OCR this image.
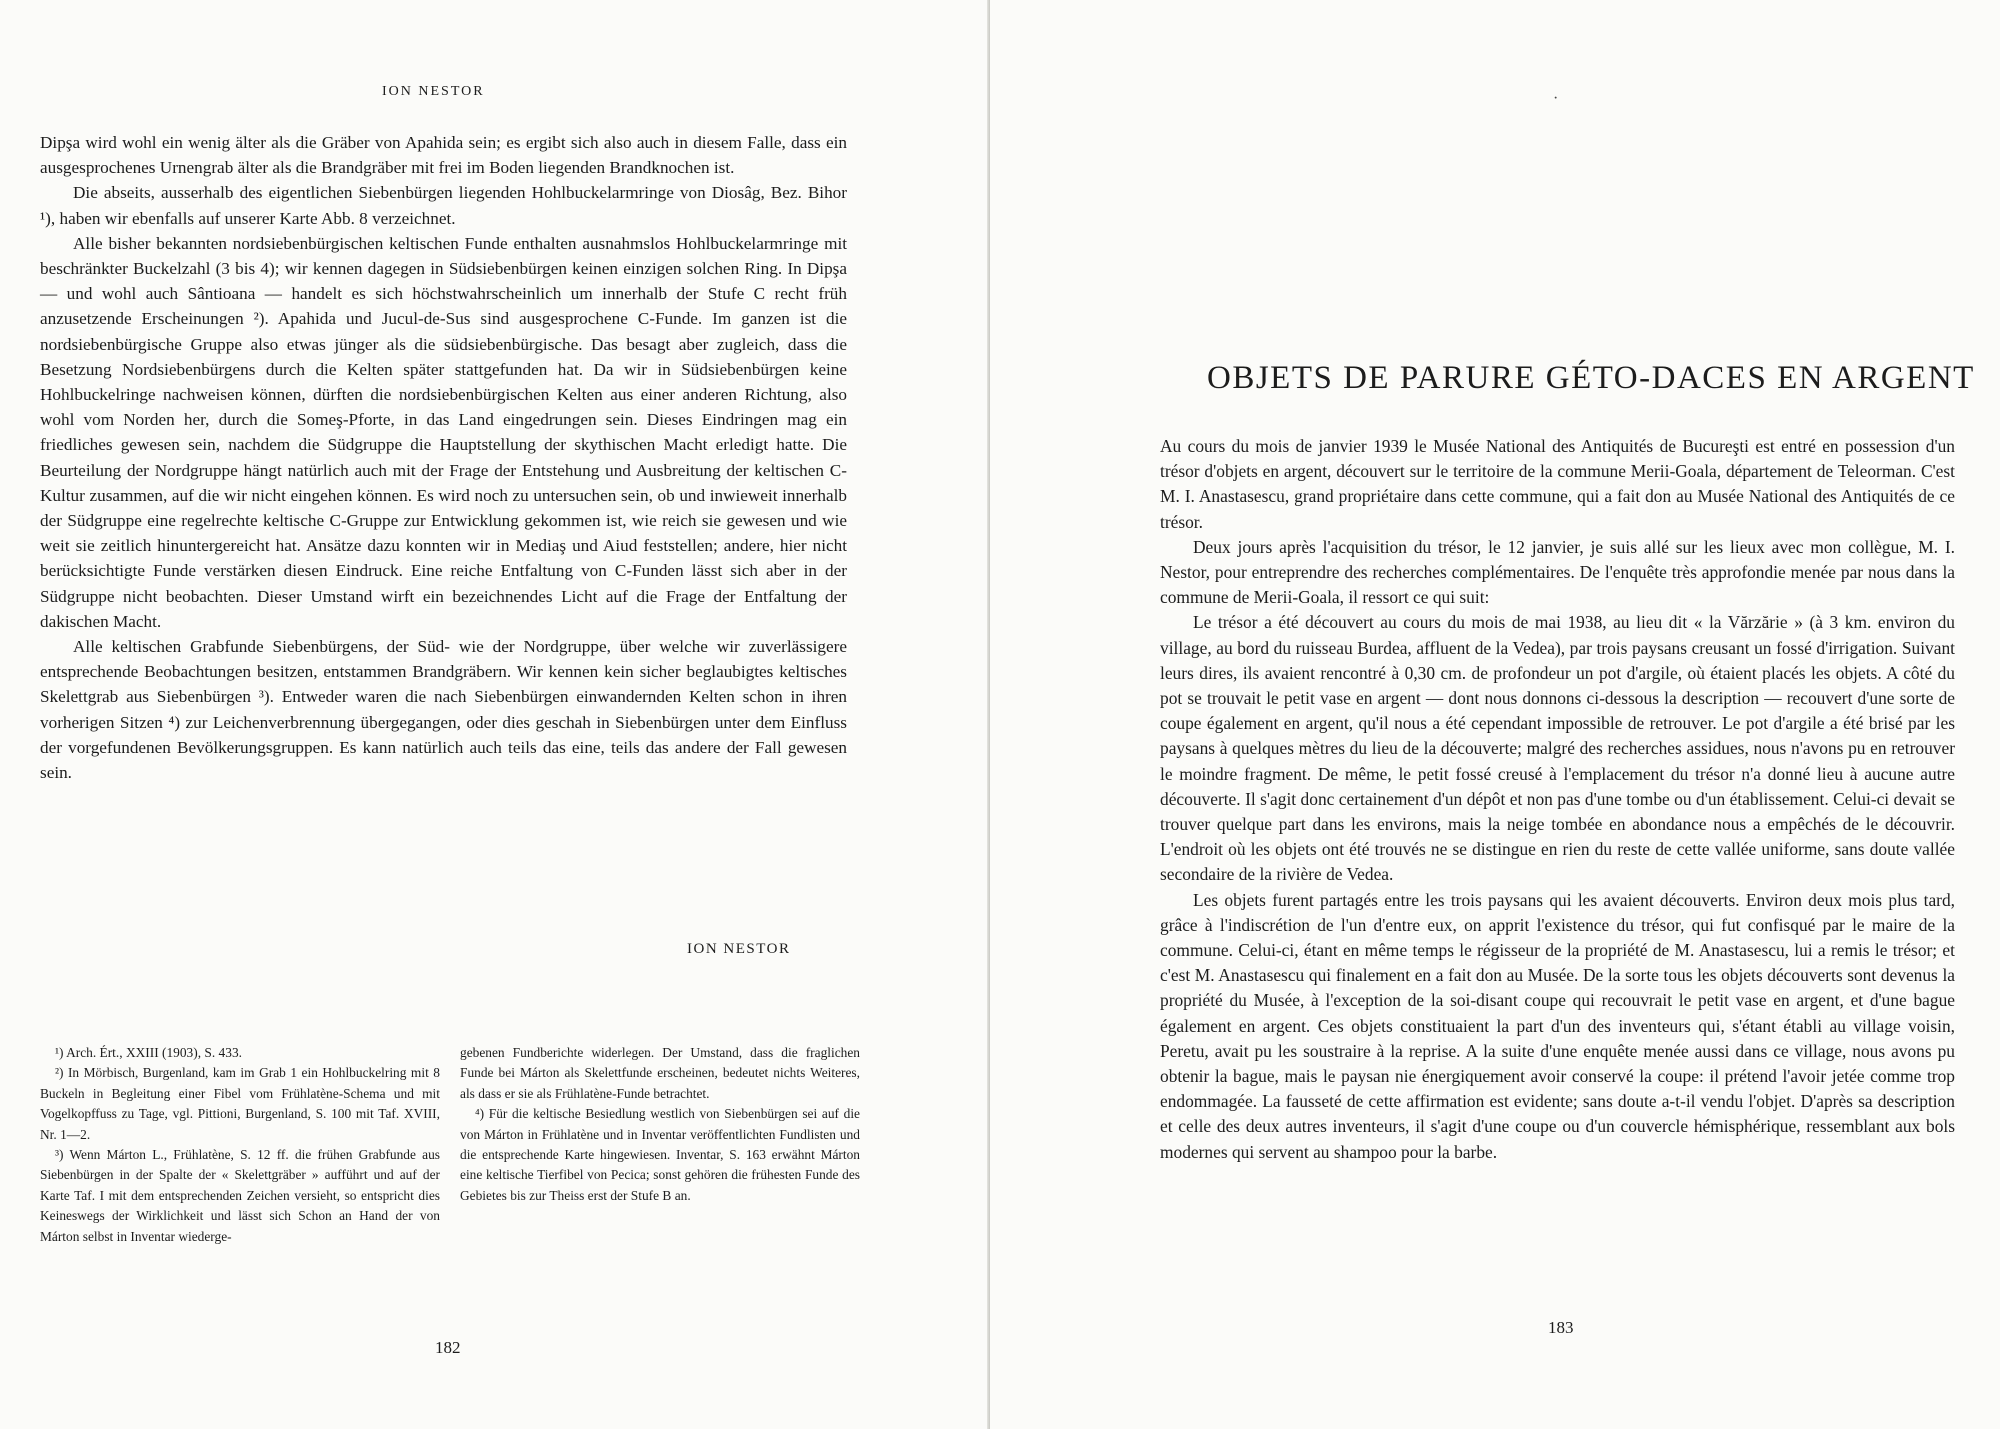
ION NESTOR

Dipşa wird wohl ein wenig älter als die Gräber von Apahida sein; es ergibt sich also auch in diesem Falle, dass ein ausgesprochenes Urnengrab älter als die Brandgräber mit frei im Boden liegenden Brandknochen ist.

Die abseits, ausserhalb des eigentlichen Siebenbürgen liegenden Hohlbuckelarmringe von Diosâg, Bez. Bihor ¹), haben wir ebenfalls auf unserer Karte Abb. 8 verzeichnet.

Alle bisher bekannten nordsiebenbürgischen keltischen Funde enthalten ausnahmslos Hohlbuckelarmringe mit beschränkter Buckelzahl (3 bis 4); wir kennen dagegen in Südsiebenbürgen keinen einzigen solchen Ring. In Dipşa — und wohl auch Sântioana — handelt es sich höchstwahrscheinlich um innerhalb der Stufe C recht früh anzusetzende Erscheinungen ²). Apahida und Jucul-de-Sus sind ausgesprochene C-Funde. Im ganzen ist die nordsiebenbürgische Gruppe also etwas jünger als die südsiebenbürgische. Das besagt aber zugleich, dass die Besetzung Nordsiebenbürgens durch die Kelten später stattgefunden hat. Da wir in Südsiebenbürgen keine Hohlbuckelringe nachweisen können, dürften die nordsiebenbürgischen Kelten aus einer anderen Richtung, also wohl vom Norden her, durch die Someş-Pforte, in das Land eingedrungen sein. Dieses Eindringen mag ein friedliches gewesen sein, nachdem die Südgruppe die Hauptstellung der skythischen Macht erledigt hatte. Die Beurteilung der Nordgruppe hängt natürlich auch mit der Frage der Entstehung und Ausbreitung der keltischen C-Kultur zusammen, auf die wir nicht eingehen können. Es wird noch zu untersuchen sein, ob und inwieweit innerhalb der Südgruppe eine regelrechte keltische C-Gruppe zur Entwicklung gekommen ist, wie reich sie gewesen und wie weit sie zeitlich hinuntergereicht hat. Ansätze dazu konnten wir in Mediaş und Aiud feststellen; andere, hier nicht berücksichtigte Funde verstärken diesen Eindruck. Eine reiche Entfaltung von C-Funden lässt sich aber in der Südgruppe nicht beobachten. Dieser Umstand wirft ein bezeichnendes Licht auf die Frage der Entfaltung der dakischen Macht.

Alle keltischen Grabfunde Siebenbürgens, der Süd- wie der Nordgruppe, über welche wir zuverlässigere entsprechende Beobachtungen besitzen, entstammen Brandgräbern. Wir kennen kein sicher beglaubigtes keltisches Skelettgrab aus Siebenbürgen ³). Entweder waren die nach Siebenbürgen einwandernden Kelten schon in ihren vorherigen Sitzen ⁴) zur Leichenverbrennung übergegangen, oder dies geschah in Siebenbürgen unter dem Einfluss der vorgefundenen Bevölkerungsgruppen. Es kann natürlich auch teils das eine, teils das andere der Fall gewesen sein.

ION NESTOR

¹) Arch. Ért., XXIII (1903), S. 433.

²) In Mörbisch, Burgenland, kam im Grab 1 ein Hohlbuckelring mit 8 Buckeln in Begleitung einer Fibel vom Frühlatène-Schema und mit Vogelkopffuss zu Tage, vgl. Pittioni, Burgenland, S. 100 mit Taf. XVIII, Nr. 1—2.

³) Wenn Márton L., Frühlatène, S. 12 ff. die frühen Grabfunde aus Siebenbürgen in der Spalte der « Skelettgräber » aufführt und auf der Karte Taf. I mit dem entsprechenden Zeichen versieht, so entspricht dies Keineswegs der Wirklichkeit und lässt sich Schon an Hand der von Márton selbst in Inventar wiederge-

gebenen Fundberichte widerlegen. Der Umstand, dass die fraglichen Funde bei Márton als Skelettfunde erscheinen, bedeutet nichts Weiteres, als dass er sie als Frühlatène-Funde betrachtet.

⁴) Für die keltische Besiedlung westlich von Siebenbürgen sei auf die von Márton in Frühlatène und in Inventar veröffentlichten Fundlisten und die entsprechende Karte hingewiesen. Inventar, S. 163 erwähnt Márton eine keltische Tierfibel von Pecica; sonst gehören die frühesten Funde des Gebietes bis zur Theiss erst der Stufe B an.

182
·
OBJETS DE PARURE GÉTO-DACES EN ARGENT

Au cours du mois de janvier 1939 le Musée National des Antiquités de Bucureşti est entré en possession d'un trésor d'objets en argent, découvert sur le territoire de la commune Merii-Goala, département de Teleorman. C'est M. I. Anastasescu, grand propriétaire dans cette commune, qui a fait don au Musée National des Antiquités de ce trésor.

Deux jours après l'acquisition du trésor, le 12 janvier, je suis allé sur les lieux avec mon collègue, M. I. Nestor, pour entreprendre des recherches complémentaires. De l'enquête très approfondie menée par nous dans la commune de Merii-Goala, il ressort ce qui suit:

Le trésor a été découvert au cours du mois de mai 1938, au lieu dit « la Vărzărie » (à 3 km. environ du village, au bord du ruisseau Burdea, affluent de la Vedea), par trois paysans creusant un fossé d'irrigation. Suivant leurs dires, ils avaient rencontré à 0,30 cm. de profondeur un pot d'argile, où étaient placés les objets. A côté du pot se trouvait le petit vase en argent — dont nous donnons ci-dessous la description — recouvert d'une sorte de coupe également en argent, qu'il nous a été cependant impossible de retrouver. Le pot d'argile a été brisé par les paysans à quelques mètres du lieu de la découverte; malgré des recherches assidues, nous n'avons pu en retrouver le moindre fragment. De même, le petit fossé creusé à l'emplacement du trésor n'a donné lieu à aucune autre découverte. Il s'agit donc certainement d'un dépôt et non pas d'une tombe ou d'un établissement. Celui-ci devait se trouver quelque part dans les environs, mais la neige tombée en abondance nous a empêchés de le découvrir. L'endroit où les objets ont été trouvés ne se distingue en rien du reste de cette vallée uniforme, sans doute vallée secondaire de la rivière de Vedea.

Les objets furent partagés entre les trois paysans qui les avaient découverts. Environ deux mois plus tard, grâce à l'indiscrétion de l'un d'entre eux, on apprit l'existence du trésor, qui fut confisqué par le maire de la commune. Celui-ci, étant en même temps le régisseur de la propriété de M. Anastasescu, lui a remis le trésor; et c'est M. Anastasescu qui finalement en a fait don au Musée. De la sorte tous les objets découverts sont devenus la propriété du Musée, à l'exception de la soi-disant coupe qui recouvrait le petit vase en argent, et d'une bague également en argent. Ces objets constituaient la part d'un des inventeurs qui, s'étant établi au village voisin, Peretu, avait pu les soustraire à la reprise. A la suite d'une enquête menée aussi dans ce village, nous avons pu obtenir la bague, mais le paysan nie énergiquement avoir conservé la coupe: il prétend l'avoir jetée comme trop endommagée. La fausseté de cette affirmation est evidente; sans doute a-t-il vendu l'objet. D'après sa description et celle des deux autres inventeurs, il s'agit d'une coupe ou d'un couvercle hémisphérique, ressemblant aux bols modernes qui servent au shampoo pour la barbe.

183
